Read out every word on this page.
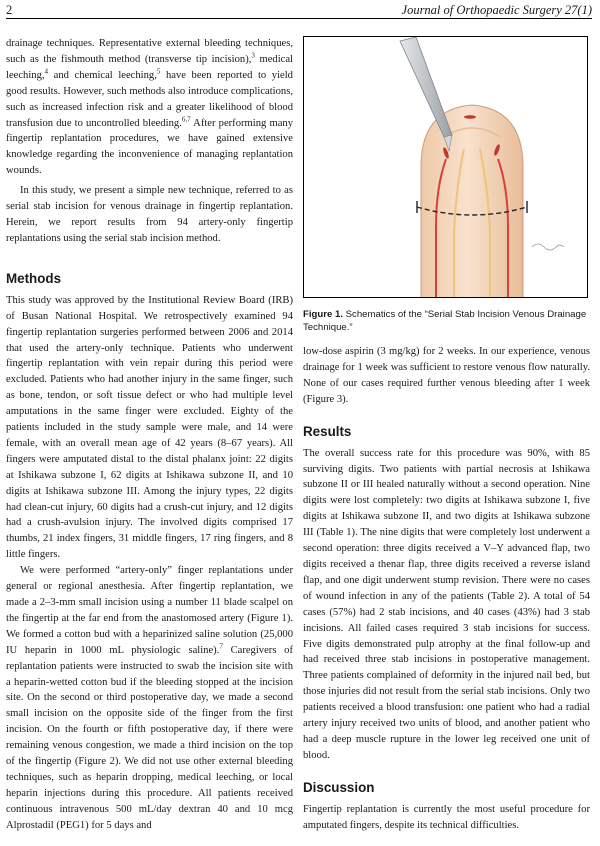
2	Journal of Orthopaedic Surgery 27(1)

drainage techniques. Representative external bleeding techniques, such as the fishmouth method (transverse tip incision),$^3$ medical leeching,$^4$ and chemical leeching,$^5$ have been reported to yield good results. However, such methods also introduce complications, such as increased infection risk and a greater likelihood of blood transfusion due to uncontrolled bleeding.$^{6,7}$ After performing many fingertip replantation procedures, we have gained extensive knowledge regarding the inconvenience of managing replantation wounds.

In this study, we present a simple new technique, referred to as serial stab incision for venous drainage in fingertip replantation. Herein, we report results from 94 artery-only fingertip replantations using the serial stab incision method.

Methods

This study was approved by the Institutional Review Board (IRB) of Busan National Hospital. We retrospectively examined 94 fingertip replantation surgeries performed between 2006 and 2014 that used the artery-only technique. Patients who underwent fingertip replantation with vein repair during this period were excluded. Patients who had another injury in the same finger, such as bone, tendon, or soft tissue defect or who had multiple level amputations in the same finger were excluded. Eighty of the patients included in the study sample were male, and 14 were female, with an overall mean age of 42 years (8–67 years). All fingers were amputated distal to the distal phalanx joint: 22 digits at Ishikawa subzone I, 62 digits at Ishikawa subzone II, and 10 digits at Ishikawa subzone III. Among the injury types, 22 digits had clean-cut injury, 60 digits had a crush-cut injury, and 12 digits had a crush-avulsion injury. The involved digits comprised 17 thumbs, 21 index fingers, 31 middle fingers, 17 ring fingers, and 8 little fingers.

We were performed “artery-only” finger replantations under general or regional anesthesia. After fingertip replantation, we made a 2–3-mm small incision using a number 11 blade scalpel on the fingertip at the far end from the anastomosed artery (Figure 1). We formed a cotton bud with a heparinized saline solution (25,000 IU heparin in 1000 mL physiologic saline).$^7$ Caregivers of replantation patients were instructed to swab the incision site with a heparin-wetted cotton bud if the bleeding stopped at the incision site. On the second or third postoperative day, we made a second small incision on the opposite side of the finger from the first incision. On the fourth or fifth postoperative day, if there were remaining venous congestion, we made a third incision on the top of the fingertip (Figure 2). We did not use other external bleeding techniques, such as heparin dropping, medical leeching, or local heparin injections during this procedure. All patients received continuous intravenous 500 mL/day dextran 40 and 10 mcg Alprostadil (PEG1) for 5 days and

Figure 1. Schematics of the “Serial Stab Incision Venous Drainage Technique.”

low-dose aspirin (3 mg/kg) for 2 weeks. In our experience, venous drainage for 1 week was sufficient to restore venous flow naturally. None of our cases required further venous bleeding after 1 week (Figure 3).

Results

The overall success rate for this procedure was 90%, with 85 surviving digits. Two patients with partial necrosis at Ishikawa subzone II or III healed naturally without a second operation. Nine digits were lost completely: two digits at Ishikawa subzone I, five digits at Ishikawa subzone II, and two digits at Ishikawa subzone III (Table 1). The nine digits that were completely lost underwent a second operation: three digits received a V–Y advanced flap, two digits received a thenar flap, three digits received a reverse island flap, and one digit underwent stump revision. There were no cases of wound infection in any of the patients (Table 2). A total of 54 cases (57%) had 2 stab incisions, and 40 cases (43%) had 3 stab incisions. All failed cases required 3 stab incisions for success. Five digits demonstrated pulp atrophy at the final follow-up and had received three stab incisions in postoperative management. Three patients complained of deformity in the injured nail bed, but those injuries did not result from the serial stab incisions. Only two patients received a blood transfusion: one patient who had a radial artery injury received two units of blood, and another patient who had a deep muscle rupture in the lower leg received one unit of blood.

Discussion

Fingertip replantation is currently the most useful procedure for amputated fingers, despite its technical difficulties.
